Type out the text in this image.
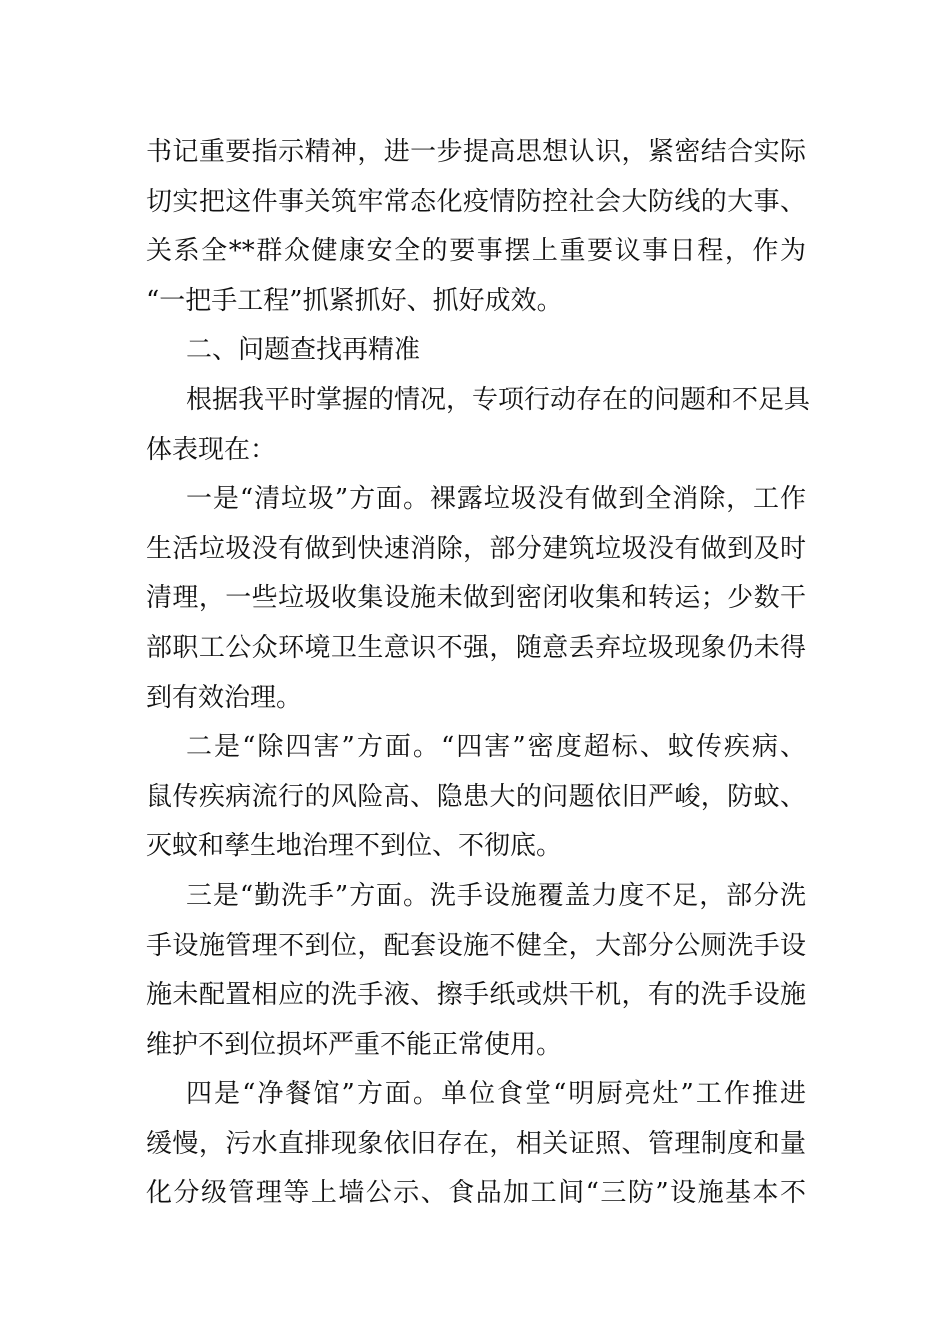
书记重要指示精神，进一步提高思想认识，紧密结合实际
切实把这件事关筑牢常态化疫情防控社会大防线的大事、
关系全**群众健康安全的要事摆上重要议事日程，作为
“一把手工程”抓紧抓好、抓好成效。
二、问题查找再精准
根据我平时掌握的情况，专项行动存在的问题和不足具
体表现在：
一是“清垃圾”方面。裸露垃圾没有做到全消除，工作
生活垃圾没有做到快速消除，部分建筑垃圾没有做到及时
清理，一些垃圾收集设施未做到密闭收集和转运；少数干
部职工公众环境卫生意识不强，随意丢弃垃圾现象仍未得
到有效治理。
二是“除四害”方面。“四害”密度超标、蚊传疾病、
鼠传疾病流行的风险高、隐患大的问题依旧严峻，防蚊、
灭蚊和孳生地治理不到位、不彻底。
三是“勤洗手”方面。洗手设施覆盖力度不足，部分洗
手设施管理不到位，配套设施不健全，大部分公厕洗手设
施未配置相应的洗手液、擦手纸或烘干机，有的洗手设施
维护不到位损坏严重不能正常使用。
四是“净餐馆”方面。单位食堂“明厨亮灶”工作推进
缓慢，污水直排现象依旧存在，相关证照、管理制度和量
化分级管理等上墙公示、食品加工间“三防”设施基本不
